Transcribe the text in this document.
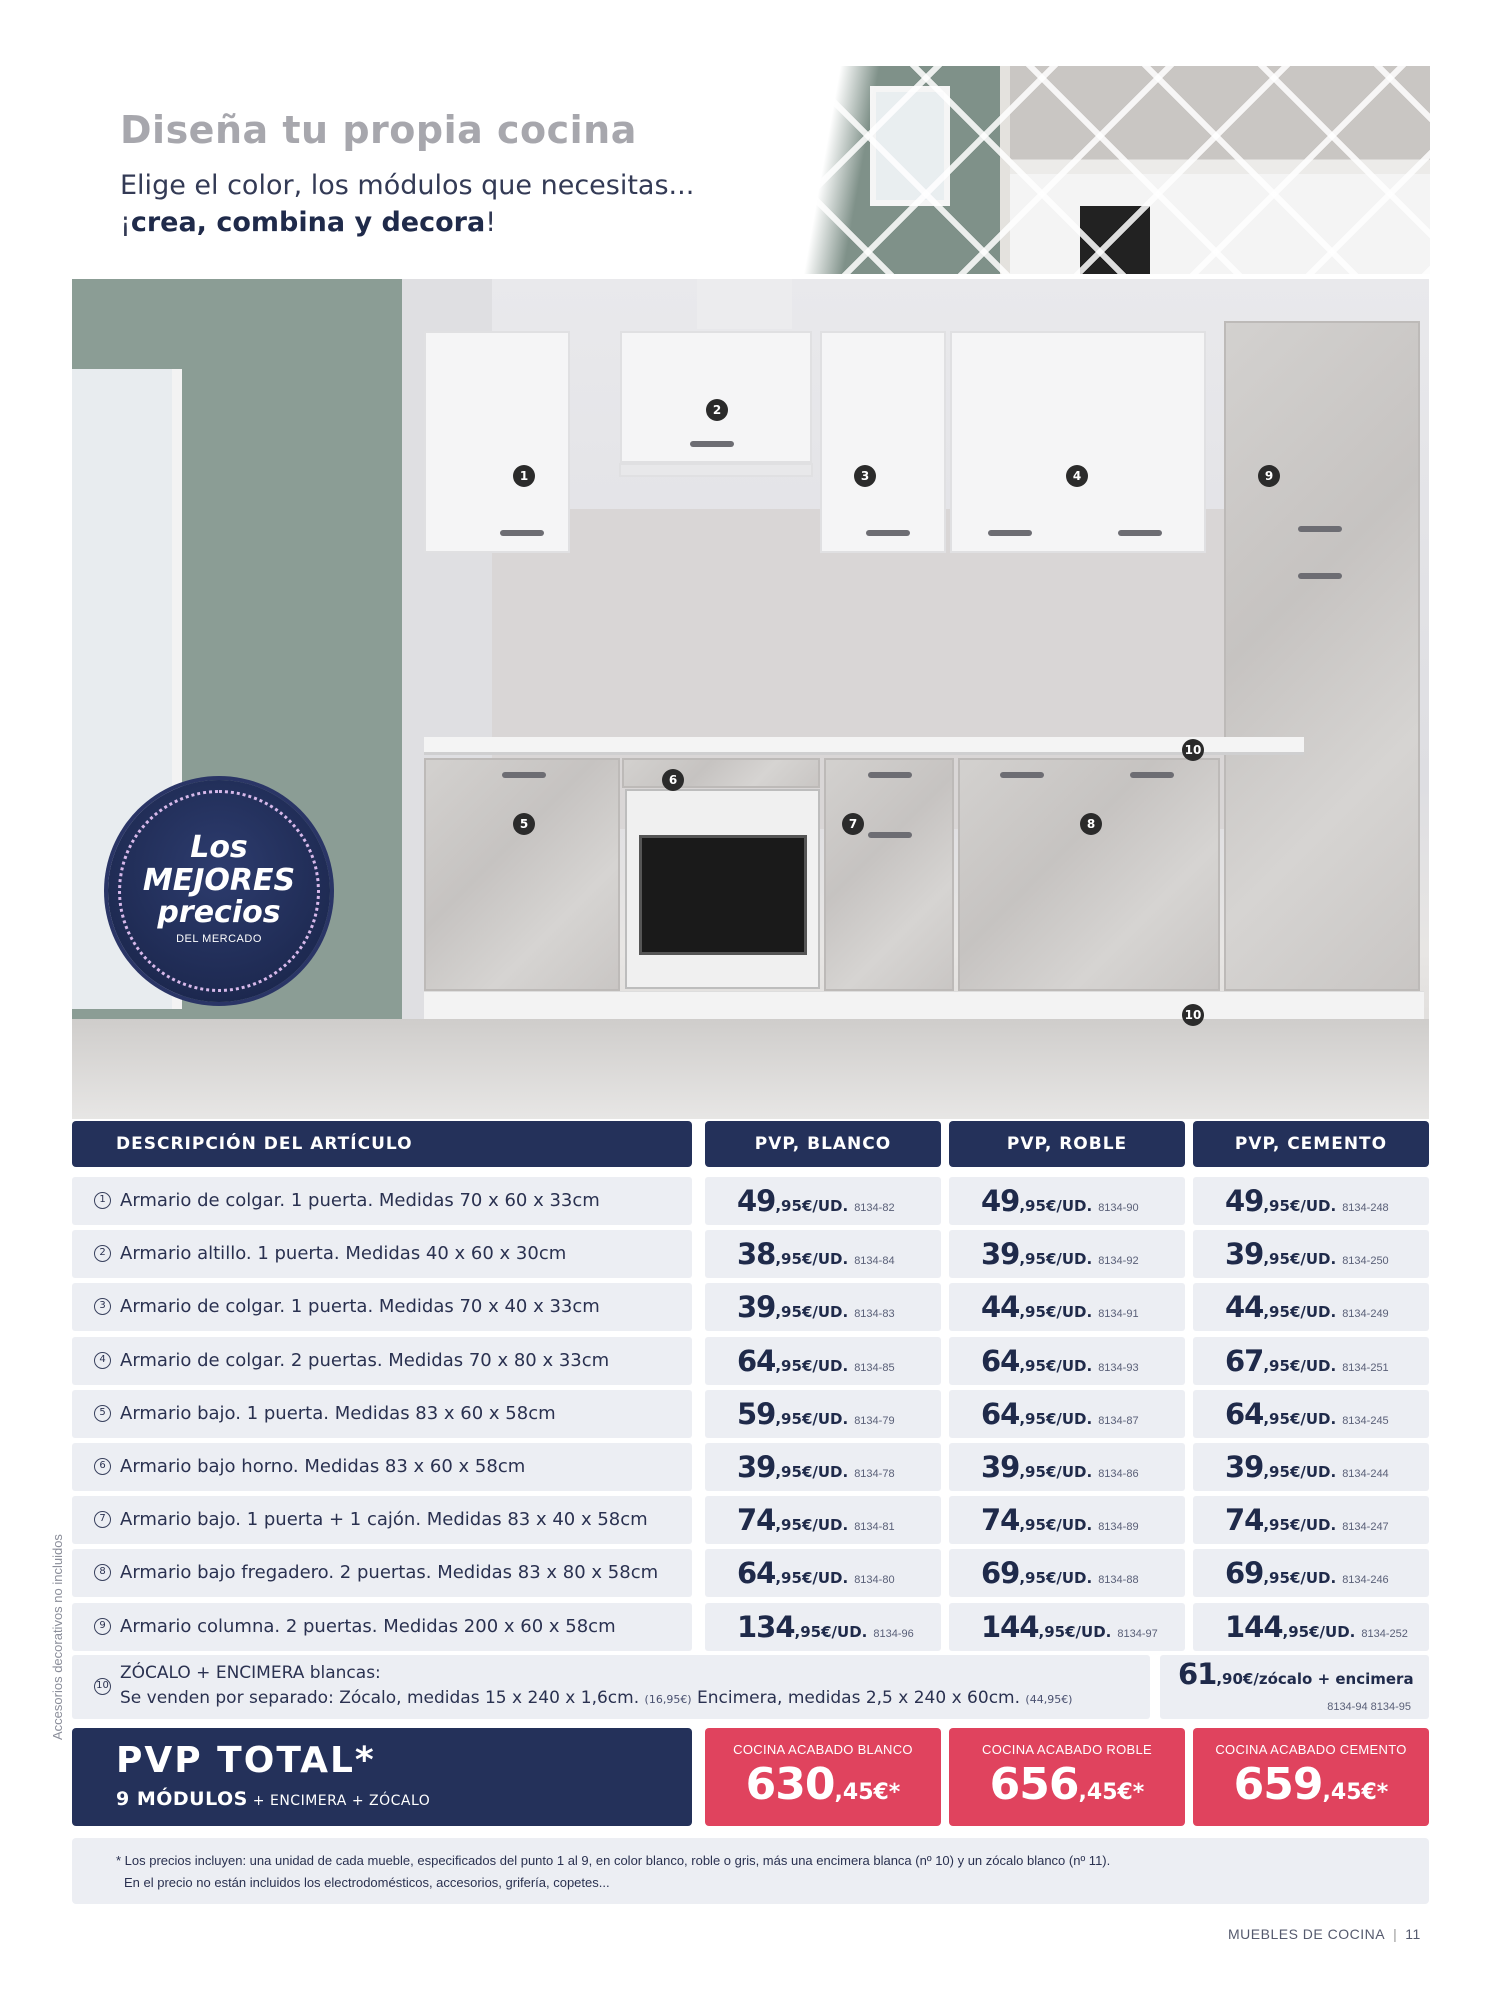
Diseña tu propia cocina
Elige el color, los módulos que necesitas...
¡crea, combina y decora!
1
2
3	4
5
6
7	8
9
10
10
Los
MEJORES
precios
DEL MERCADO
DESCRIPCIÓN DEL ARTÍCULO	PVP, BLANCO	PVP, ROBLE	PVP, CEMENTO
1 Armario de colgar. 1 puerta. Medidas 70 x 60 x 33cm	49,95€/UD. 8134-82	49,95€/UD. 8134-90	49,95€/UD. 8134-248
2 Armario altillo. 1 puerta. Medidas 40 x 60 x 30cm	38,95€/UD. 8134-84	39,95€/UD. 8134-92	39,95€/UD. 8134-250
3 Armario de colgar. 1 puerta. Medidas 70 x 40 x 33cm	39,95€/UD. 8134-83	44,95€/UD. 8134-91	44,95€/UD. 8134-249
4 Armario de colgar. 2 puertas. Medidas 70 x 80 x 33cm	64,95€/UD. 8134-85	64,95€/UD. 8134-93	67,95€/UD. 8134-251
5 Armario bajo. 1 puerta. Medidas 83 x 60 x 58cm	59,95€/UD. 8134-79	64,95€/UD. 8134-87	64,95€/UD. 8134-245
6 Armario bajo horno. Medidas 83 x 60 x 58cm	39,95€/UD. 8134-78	39,95€/UD. 8134-86	39,95€/UD. 8134-244
7 Armario bajo. 1 puerta + 1 cajón. Medidas 83 x 40 x 58cm	74,95€/UD. 8134-81	74,95€/UD. 8134-89	74,95€/UD. 8134-247
8 Armario bajo fregadero. 2 puertas. Medidas 83 x 80 x 58cm	64,95€/UD. 8134-80	69,95€/UD. 8134-88	69,95€/UD. 8134-246
9 Armario columna. 2 puertas. Medidas 200 x 60 x 58cm	134,95€/UD. 8134-96 144,95€/UD. 8134-97 144,95€/UD. 8134-252
10
ZÓCALO + ENCIMERA blancas:
Se venden por separado: Zócalo, medidas 15 x 240 x 1,6cm. (16,95€) Encimera, medidas 2,5 x 240 x 60cm. (44,95€)
61,90€/zócalo + encimera
8134-94 8134-95
PVP TOTAL*
9 MÓDULOS + ENCIMERA + ZÓCALO
COCINA ACABADO BLANCO
630,45€*
COCINA ACABADO ROBLE
656,45€*
COCINA ACABADO CEMENTO
659,45€*
* Los precios incluyen: una unidad de cada mueble, especificados del punto 1 al 9, en color blanco, roble o gris, más una encimera blanca (nº 10) y un zócalo blanco (nº 11).
En el precio no están incluidos los electrodomésticos, accesorios, grifería, copetes...
Accesorios decorativos no incluidos
MUEBLES DE COCINA | 11
